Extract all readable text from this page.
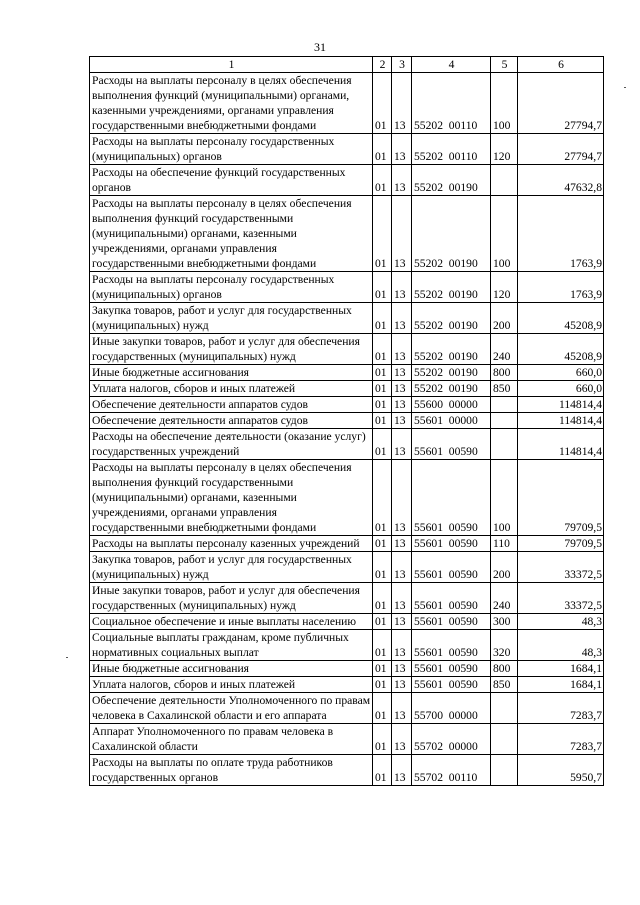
31
1	2	3	4	5	6
Расходы на выплаты персоналу в целях обеспечения выполнения функций (муниципальными) органами, казенными учреждениями, органами управления государственными внебюджетными фондами	01	13	55202  00110	100	27794,7
Расходы на выплаты персоналу государственных (муниципальных) органов	01	13	55202  00110	120	27794,7
Расходы на обеспечение функций государственных органов	01	13	55202  00190		47632,8
Расходы на выплаты персоналу в целях обеспечения выполнения функций государственными (муниципальными) органами, казенными учреждениями, органами управления государственными внебюджетными фондами	01	13	55202  00190	100	1763,9
Расходы на выплаты персоналу государственных (муниципальных) органов	01	13	55202  00190	120	1763,9
Закупка товаров, работ и услуг для государственных (муниципальных) нужд	01	13	55202  00190	200	45208,9
Иные закупки товаров, работ и услуг для обеспечения государственных (муниципальных) нужд	01	13	55202  00190	240	45208,9
Иные бюджетные ассигнования	01	13	55202  00190	800	660,0
Уплата налогов, сборов и иных платежей	01	13	55202  00190	850	660,0
Обеспечение деятельности аппаратов судов	01	13	55600  00000		114814,4
Обеспечение деятельности аппаратов судов	01	13	55601  00000		114814,4
Расходы на обеспечение деятельности (оказание услуг) государственных учреждений	01	13	55601  00590		114814,4
Расходы на выплаты персоналу в целях обеспечения выполнения функций государственными (муниципальными) органами, казенными учреждениями, органами управления государственными внебюджетными фондами	01	13	55601  00590	100	79709,5
Расходы на выплаты персоналу казенных учреждений	01	13	55601  00590	110	79709,5
Закупка товаров, работ и услуг для государственных (муниципальных) нужд	01	13	55601  00590	200	33372,5
Иные закупки товаров, работ и услуг для обеспечения государственных (муниципальных) нужд	01	13	55601  00590	240	33372,5
Социальное обеспечение и иные выплаты населению	01	13	55601  00590	300	48,3
Социальные выплаты гражданам, кроме публичных нормативных социальных выплат	01	13	55601  00590	320	48,3
Иные бюджетные ассигнования	01	13	55601  00590	800	1684,1
Уплата налогов, сборов и иных платежей	01	13	55601  00590	850	1684,1
Обеспечение деятельности Уполномоченного по правам человека в Сахалинской области и его аппарата	01	13	55700  00000		7283,7
Аппарат Уполномоченного по правам человека в Сахалинской области	01	13	55702  00000		7283,7
Расходы на выплаты по оплате труда работников государственных органов	01	13	55702  00110		5950,7
